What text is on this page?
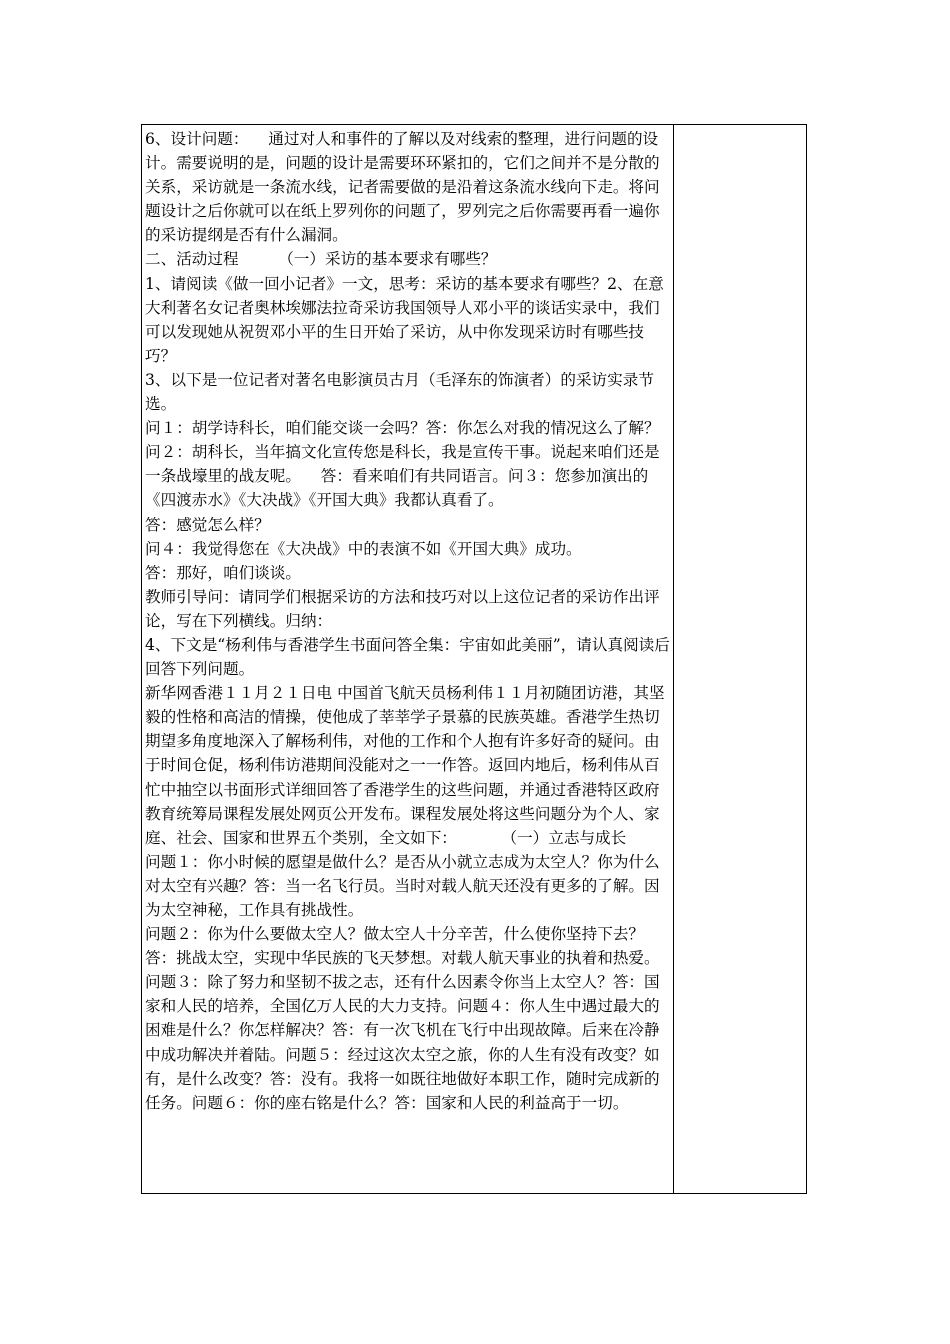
6、设计问题：    通过对人和事件的了解以及对线索的整理，进行问题的设计。需要说明的是，问题的设计是需要环环紧扣的，它们之间并不是分散的关系，采访就是一条流水线，记者需要做的是沿着这条流水线向下走。将问题设计之后你就可以在纸上罗列你的问题了，罗列完之后你需要再看一遍你的采访提纲是否有什么漏洞。

二、活动过程        （一）采访的基本要求有哪些？

1、请阅读《做一回小记者》一文，思考：采访的基本要求有哪些？2、在意大利著名女记者奥林埃娜法拉奇采访我国领导人邓小平的谈话实录中，我们可以发现她从祝贺邓小平的生日开始了采访，从中你发现采访时有哪些技巧？

3、以下是一位记者对著名电影演员古月（毛泽东的饰演者）的采访实录节选。

问１：胡学诗科长，咱们能交谈一会吗？答：你怎么对我的情况这么了解？  问２：胡科长，当年搞文化宣传您是科长，我是宣传干事。说起来咱们还是一条战壕里的战友呢。    答：看来咱们有共同语言。问３：您参加演出的《四渡赤水》《大决战》《开国大典》我都认真看了。

答：感觉怎么样？

问４：我觉得您在《大决战》中的表演不如《开国大典》成功。

答：那好，咱们谈谈。

教师引导问：请同学们根据采访的方法和技巧对以上这位记者的采访作出评论，写在下列横线。归纳：

4、下文是“杨利伟与香港学生书面问答全集：宇宙如此美丽”，请认真阅读后回答下列问题。

新华网香港１１月２１日电 中国首飞航天员杨利伟１１月初随团访港，其坚毅的性格和高洁的情操，使他成了莘莘学子景慕的民族英雄。香港学生热切期望多角度地深入了解杨利伟，对他的工作和个人抱有许多好奇的疑问。由于时间仓促，杨利伟访港期间没能对之一一作答。返回内地后，杨利伟从百忙中抽空以书面形式详细回答了香港学生的这些问题，并通过香港特区政府教育统筹局课程发展处网页公开发布。课程发展处将这些问题分为个人、家庭、社会、国家和世界五个类别，全文如下：         （一）立志与成长

问题１：你小时候的愿望是做什么？是否从小就立志成为太空人？你为什么对太空有兴趣？答：当一名飞行员。当时对载人航天还没有更多的了解。因为太空神秘，工作具有挑战性。

问题２：你为什么要做太空人？做太空人十分辛苦，什么使你坚持下去？答：挑战太空，实现中华民族的飞天梦想。对载人航天事业的执着和热爱。问题３：除了努力和坚韧不拔之志，还有什么因素令你当上太空人？答：国家和人民的培养，全国亿万人民的大力支持。问题４：你人生中遇过最大的困难是什么？你怎样解决？答：有一次飞机在飞行中出现故障。后来在冷静中成功解决并着陆。问题５：经过这次太空之旅，你的人生有没有改变？如有，是什么改变？答：没有。我将一如既往地做好本职工作，随时完成新的任务。问题６：你的座右铭是什么？答：国家和人民的利益高于一切。
